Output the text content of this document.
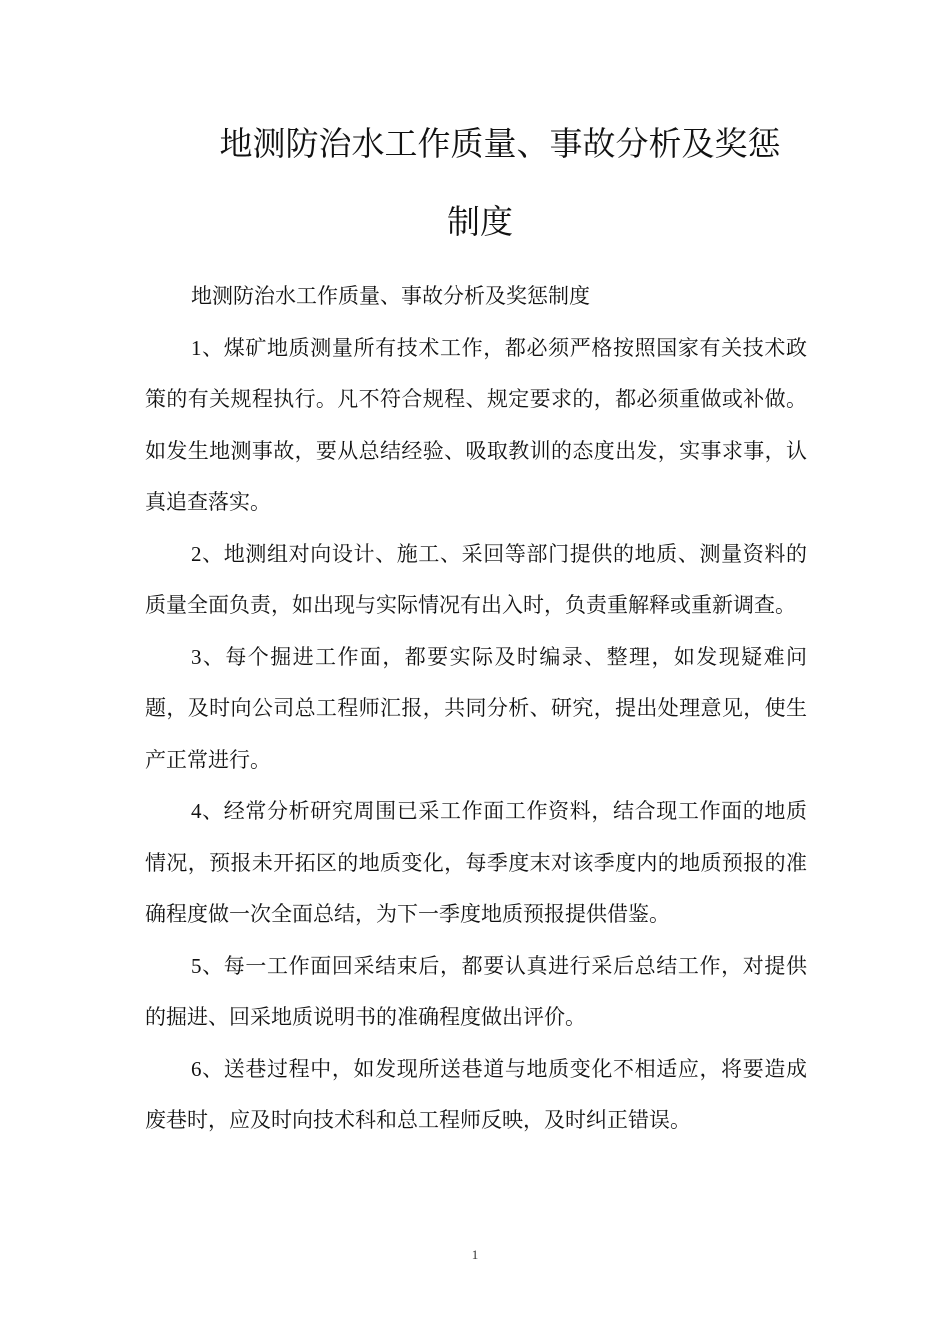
地测防治水工作质量、事故分析及奖惩
制度

地测防治水工作质量、事故分析及奖惩制度

1、煤矿地质测量所有技术工作，都必须严格按照国家有关技术政策的有关规程执行。凡不符合规程、规定要求的，都必须重做或补做。如发生地测事故，要从总结经验、吸取教训的态度出发，实事求事，认真追查落实。

2、地测组对向设计、施工、采回等部门提供的地质、测量资料的质量全面负责，如出现与实际情况有出入时，负责重解释或重新调查。

3、每个掘进工作面，都要实际及时编录、整理，如发现疑难问题，及时向公司总工程师汇报，共同分析、研究，提出处理意见，使生产正常进行。

4、经常分析研究周围已采工作面工作资料，结合现工作面的地质情况，预报未开拓区的地质变化，每季度末对该季度内的地质预报的准确程度做一次全面总结，为下一季度地质预报提供借鉴。

5、每一工作面回采结束后，都要认真进行采后总结工作，对提供的掘进、回采地质说明书的准确程度做出评价。

6、送巷过程中，如发现所送巷道与地质变化不相适应，将要造成废巷时，应及时向技术科和总工程师反映，及时纠正错误。

1
